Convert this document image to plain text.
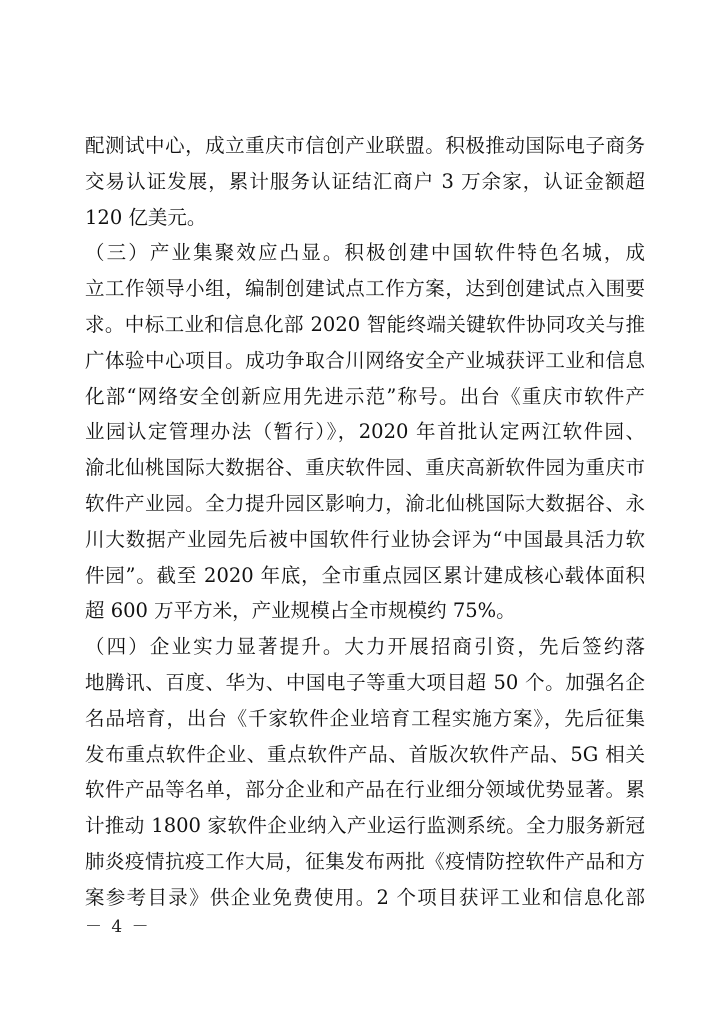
配测试中心，成立重庆市信创产业联盟。积极推动国际电子商务
交易认证发展，累计服务认证结汇商户 3 万余家，认证金额超
120 亿美元。
（三）产业集聚效应凸显。积极创建中国软件特色名城，成
立工作领导小组，编制创建试点工作方案，达到创建试点入围要
求。中标工业和信息化部 2020 智能终端关键软件协同攻关与推
广体验中心项目。成功争取合川网络安全产业城获评工业和信息
化部“网络安全创新应用先进示范”称号。出台《重庆市软件产
业园认定管理办法（暂行）》，2020 年首批认定两江软件园、
渝北仙桃国际大数据谷、重庆软件园、重庆高新软件园为重庆市
软件产业园。全力提升园区影响力，渝北仙桃国际大数据谷、永
川大数据产业园先后被中国软件行业协会评为“中国最具活力软
件园”。截至 2020 年底，全市重点园区累计建成核心载体面积
超 600 万平方米，产业规模占全市规模约 75%。
（四）企业实力显著提升。大力开展招商引资，先后签约落
地腾讯、百度、华为、中国电子等重大项目超 50 个。加强名企
名品培育，出台《千家软件企业培育工程实施方案》，先后征集
发布重点软件企业、重点软件产品、首版次软件产品、5G 相关
软件产品等名单，部分企业和产品在行业细分领域优势显著。累
计推动 1800 家软件企业纳入产业运行监测系统。全力服务新冠
肺炎疫情抗疫工作大局，征集发布两批《疫情防控软件产品和方
案参考目录》供企业免费使用。2 个项目获评工业和信息化部
－ 4 －
